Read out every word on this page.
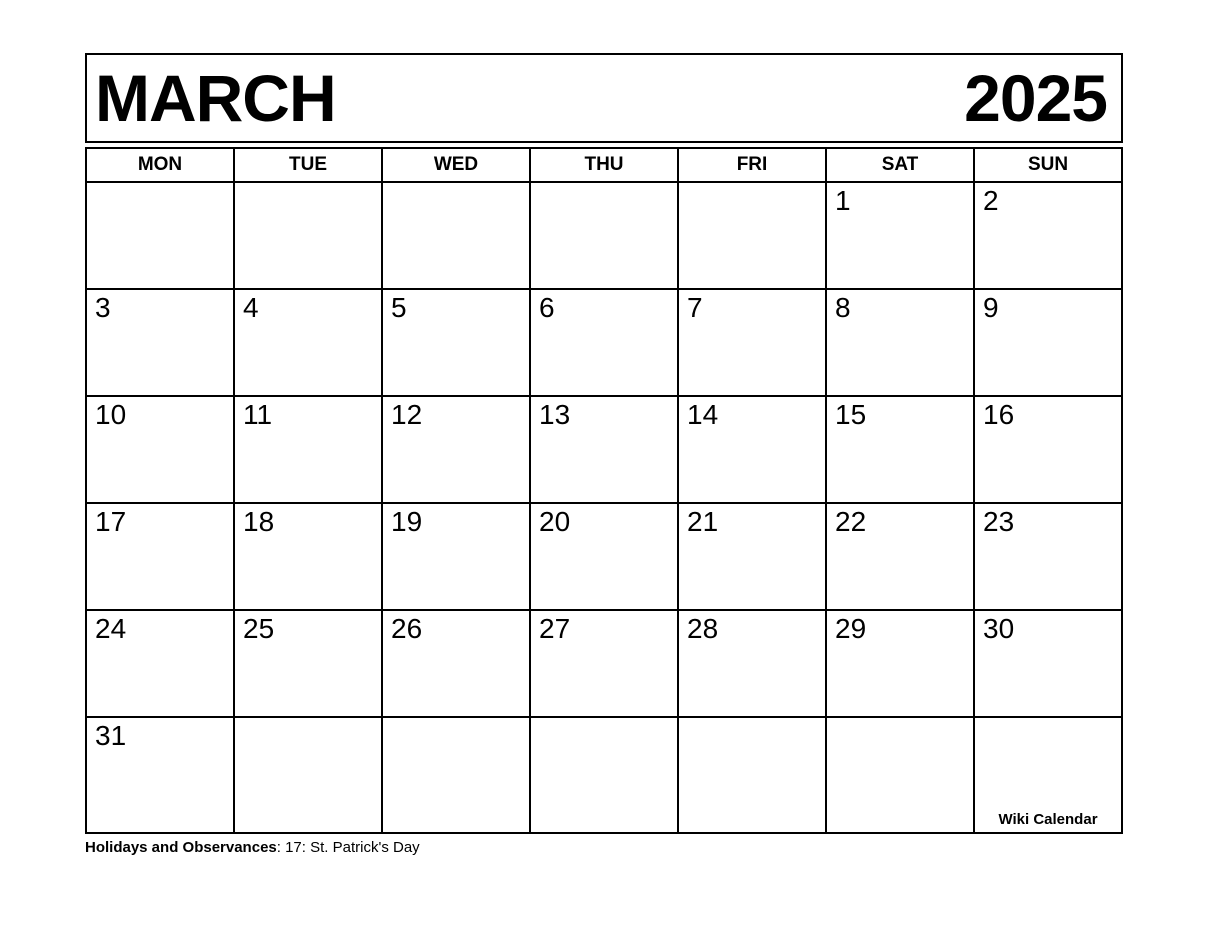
MARCH	2025
MON	TUE	WED	THU	FRI	SAT	SUN
					1	2
3	4	5	6	7	8	9
10	11	12	13	14	15	16
17	18	19	20	21	22	23
24	25	26	27	28	29	30
31						Wiki Calendar
Holidays and Observances: 17: St. Patrick's Day
